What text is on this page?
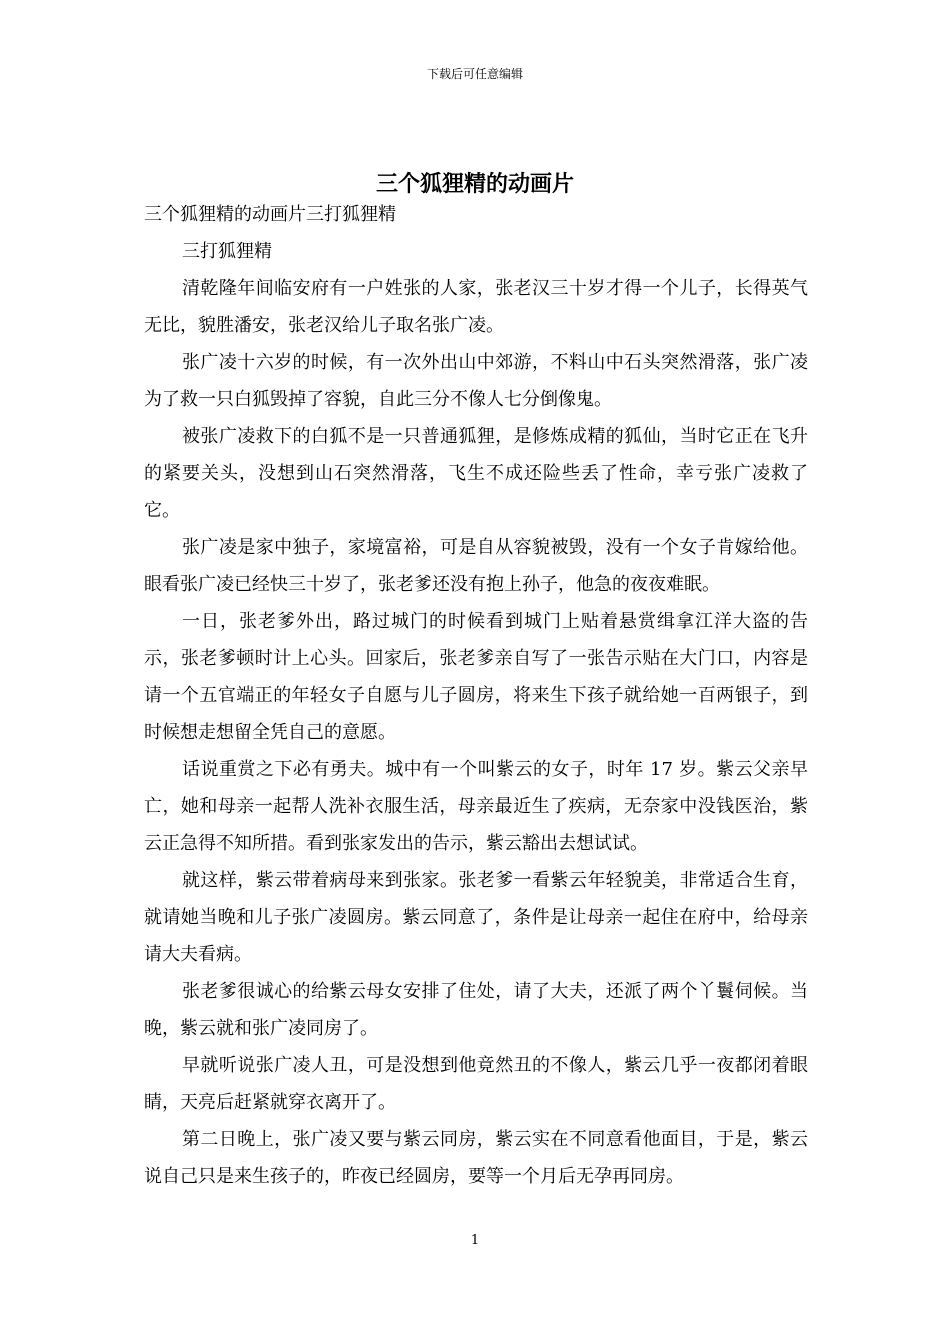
下载后可任意编辑
三个狐狸精的动画片

三个狐狸精的动画片三打狐狸精

三打狐狸精

清乾隆年间临安府有一户姓张的人家，张老汉三十岁才得一个儿子，长得英气无比，貌胜潘安，张老汉给儿子取名张广凌。

张广凌十六岁的时候，有一次外出山中郊游，不料山中石头突然滑落，张广凌为了救一只白狐毁掉了容貌，自此三分不像人七分倒像鬼。

被张广凌救下的白狐不是一只普通狐狸，是修炼成精的狐仙，当时它正在飞升的紧要关头，没想到山石突然滑落，飞生不成还险些丢了性命，幸亏张广凌救了它。

张广凌是家中独子，家境富裕，可是自从容貌被毁，没有一个女子肯嫁给他。眼看张广凌已经快三十岁了，张老爹还没有抱上孙子，他急的夜夜难眠。

一日，张老爹外出，路过城门的时候看到城门上贴着悬赏缉拿江洋大盗的告示，张老爹顿时计上心头。回家后，张老爹亲自写了一张告示贴在大门口，内容是请一个五官端正的年轻女子自愿与儿子圆房，将来生下孩子就给她一百两银子，到时候想走想留全凭自己的意愿。

话说重赏之下必有勇夫。城中有一个叫紫云的女子，时年 17 岁。紫云父亲早亡，她和母亲一起帮人洗补衣服生活，母亲最近生了疾病，无奈家中没钱医治，紫云正急得不知所措。看到张家发出的告示，紫云豁出去想试试。

就这样，紫云带着病母来到张家。张老爹一看紫云年轻貌美，非常适合生育，就请她当晚和儿子张广凌圆房。紫云同意了，条件是让母亲一起住在府中，给母亲请大夫看病。

张老爹很诚心的给紫云母女安排了住处，请了大夫，还派了两个丫鬟伺候。当晚，紫云就和张广凌同房了。

早就听说张广凌人丑，可是没想到他竟然丑的不像人，紫云几乎一夜都闭着眼睛，天亮后赶紧就穿衣离开了。

第二日晚上，张广凌又要与紫云同房，紫云实在不同意看他面目，于是，紫云说自己只是来生孩子的，昨夜已经圆房，要等一个月后无孕再同房。

1
